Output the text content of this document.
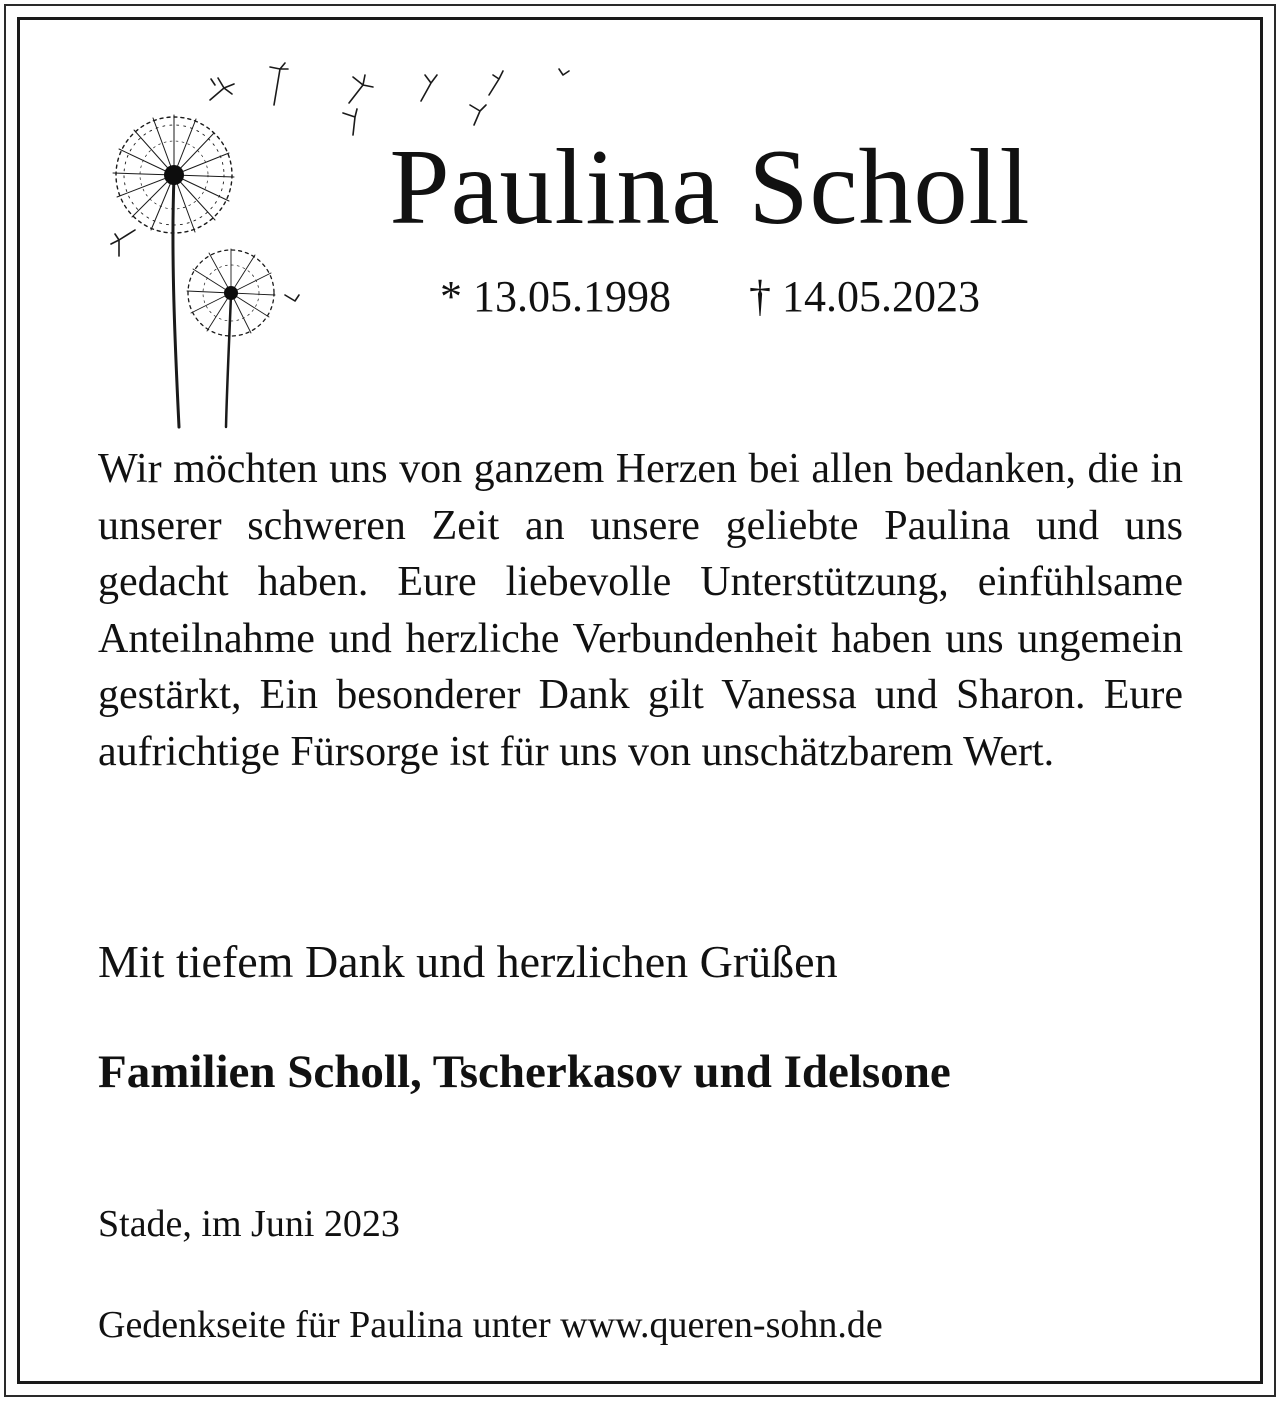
Paulina Scholl
* 13.05.1998 † 14.05.2023

Wir möchten uns von ganzem Herzen bei allen bedanken, die in unserer schweren Zeit an unsere geliebte Paulina und uns gedacht haben. Eure liebevolle Unterstützung, einfühlsame Anteilnahme und herzliche Verbundenheit haben uns ungemein gestärkt, Ein besonderer Dank gilt Vanessa und Sharon. Eure aufrichtige Fürsorge ist für uns von unschätzbarem Wert.

Mit tiefem Dank und herzlichen Grüßen
Familien Scholl, Tscherkasov und Idelsone
Stade, im Juni 2023
Gedenkseite für Paulina unter www.queren-sohn.de
